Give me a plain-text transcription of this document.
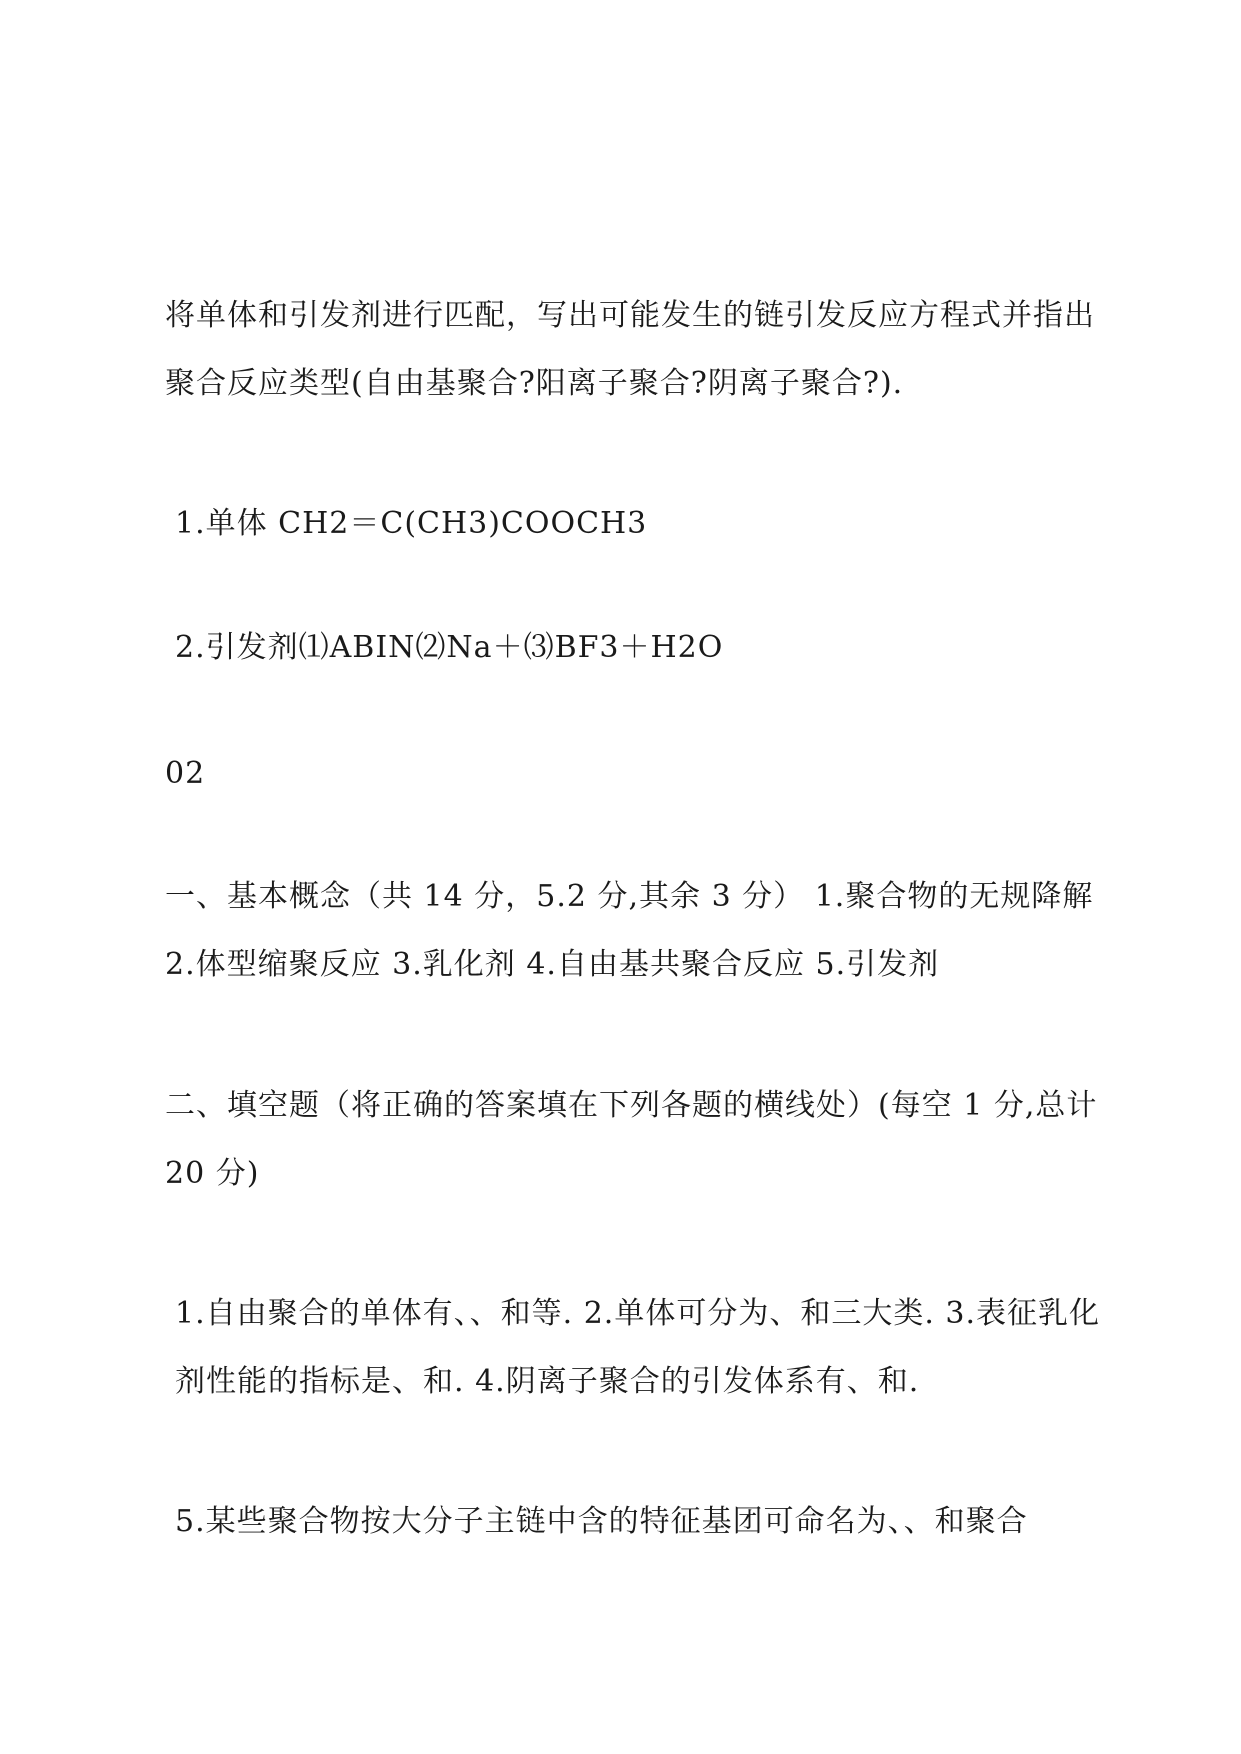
将单体和引发剂进行匹配，写出可能发生的链引发反应方程式并指出聚合反应类型(自由基聚合?阳离子聚合?阴离子聚合?).

1.单体 CH2＝C(CH3)COOCH3

2.引发剂⑴ABIN⑵Na＋⑶BF3＋H2O

02

一、基本概念（共 14 分，5.2 分,其余 3 分） 1.聚合物的无规降解 2.体型缩聚反应 3.乳化剂 4.自由基共聚合反应 5.引发剂

二、填空题（将正确的答案填在下列各题的横线处）(每空 1 分,总计 20 分)

1.自由聚合的单体有、、和等. 2.单体可分为、和三大类. 3.表征乳化剂性能的指标是、和. 4.阴离子聚合的引发体系有、和.

5.某些聚合物按大分子主链中含的特征基团可命名为、、和聚合
